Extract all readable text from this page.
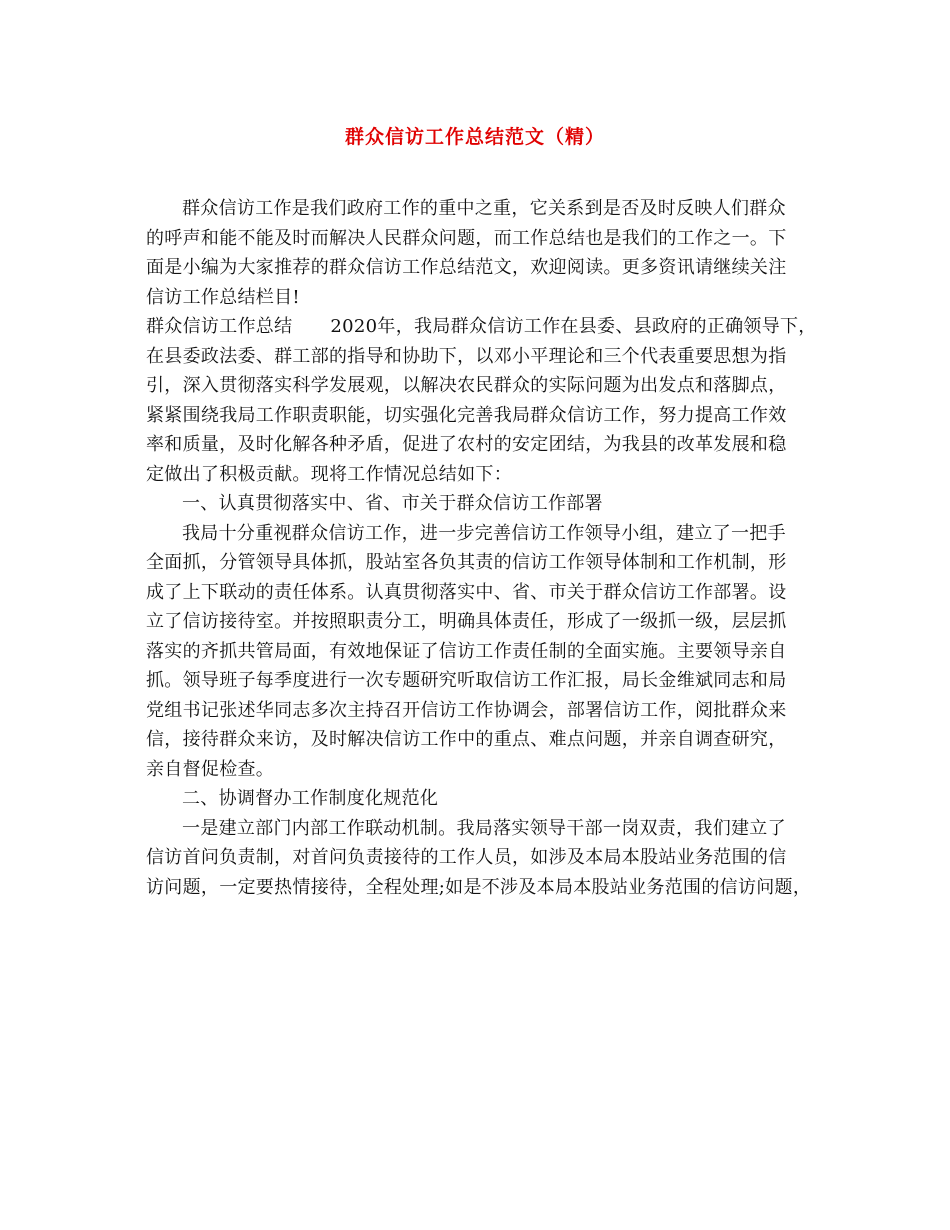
群众信访工作总结范文（精）
群众信访工作是我们政府工作的重中之重，它关系到是否及时反映人们群众
的呼声和能不能及时而解决人民群众问题，而工作总结也是我们的工作之一。下
面是小编为大家推荐的群众信访工作总结范文，欢迎阅读。更多资讯请继续关注
信访工作总结栏目!
群众信访工作总结 2020年，我局群众信访工作在县委、县政府的正确领导下，
在县委政法委、群工部的指导和协助下，以邓小平理论和三个代表重要思想为指
引，深入贯彻落实科学发展观，以解决农民群众的实际问题为出发点和落脚点，
紧紧围绕我局工作职责职能，切实强化完善我局群众信访工作，努力提高工作效
率和质量，及时化解各种矛盾，促进了农村的安定团结，为我县的改革发展和稳
定做出了积极贡献。现将工作情况总结如下：
一、认真贯彻落实中、省、市关于群众信访工作部署
我局十分重视群众信访工作，进一步完善信访工作领导小组，建立了一把手
全面抓，分管领导具体抓，股站室各负其责的信访工作领导体制和工作机制，形
成了上下联动的责任体系。认真贯彻落实中、省、市关于群众信访工作部署。设
立了信访接待室。并按照职责分工，明确具体责任，形成了一级抓一级，层层抓
落实的齐抓共管局面，有效地保证了信访工作责任制的全面实施。主要领导亲自
抓。领导班子每季度进行一次专题研究听取信访工作汇报，局长金维斌同志和局
党组书记张述华同志多次主持召开信访工作协调会，部署信访工作，阅批群众来
信，接待群众来访，及时解决信访工作中的重点、难点问题，并亲自调查研究，
亲自督促检查。
二、协调督办工作制度化规范化
一是建立部门内部工作联动机制。我局落实领导干部一岗双责，我们建立了
信访首问负责制，对首问负责接待的工作人员，如涉及本局本股站业务范围的信
访问题，一定要热情接待，全程处理;如是不涉及本局本股站业务范围的信访问题，
